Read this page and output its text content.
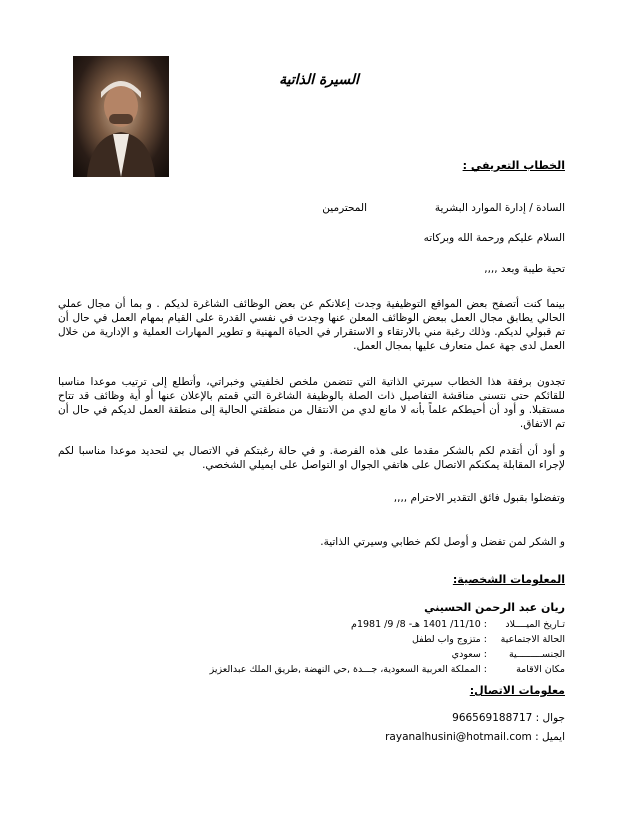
السيرة الذاتية
الخطاب التعريفي :
السادة / إدارة الموارد البشرية
المحترمين
السلام عليكم ورحمة الله وبركاته
تحية طيبة وبعد ,,,,
بينما كنت أتصفح بعض المواقع التوظيفية وجدت إعلانكم عن بعض الوظائف الشاغرة لديكم . و بما أن مجال عملي الحالي يطابق مجال العمل ببعض الوظائف المعلن عنها وجدت في نفسي القدرة على القيام بمهام العمل في حال أن تم قبولي لديكم. وذلك رغبة مني بالارتقاء و الاستقرار في الحياة المهنية و تطوير المهارات العملية و الإدارية من خلال العمل لدى جهة عمل متعارف عليها بمجال العمل.
تجدون برفقة هذا الخطاب سيرتي الذاتية التي تتضمن ملخص لخلفيتي وخبراتي، وأتطلع إلى ترتيب موعدا مناسبا للقائكم حتى نتسنى مناقشة التفاصيل ذات الصلة بالوظيفة الشاغرة التي قمتم بالإعلان عنها أو أية وظائف قد تتاح مستقبلا. و أود أن أحيطكم علماً بأنه لا مانع لدي من الانتقال من منطقتي الحالية إلى منطقة العمل لديكم في حال أن تم الاتفاق.
و أود أن أتقدم لكم بالشكر مقدما على هذه الفرصة. و في حالة رغبتكم في الاتصال بي لتحديد موعدا مناسبا لكم لإجراء المقابلة يمكنكم الاتصال على هاتفي الجوال او التواصل على ايميلي الشخصي.
وتفضلوا بقبول فائق التقدير الاحترام ,,,,
و الشكر لمن تفضل و أوصل لكم خطابي وسيرتي الذاتية.
المعلومات الشخصية:
ريان عبد الرحمن الحسيني
تـاريخ الميــــلاد: 11/10/ 1401 هـ- 8/ 9/ 1981م
الحالة الاجتماعية: متزوج واب لطفل
الجنســـــــــية: سعودي
مكان الاقامة: المملكة العربية السعودية، جـــدة ,حي النهضة ,طريق الملك عبدالعزيز
معلومات الاتصال:
جوال : 966569188717
ايميل : rayanalhusini@hotmail.com
